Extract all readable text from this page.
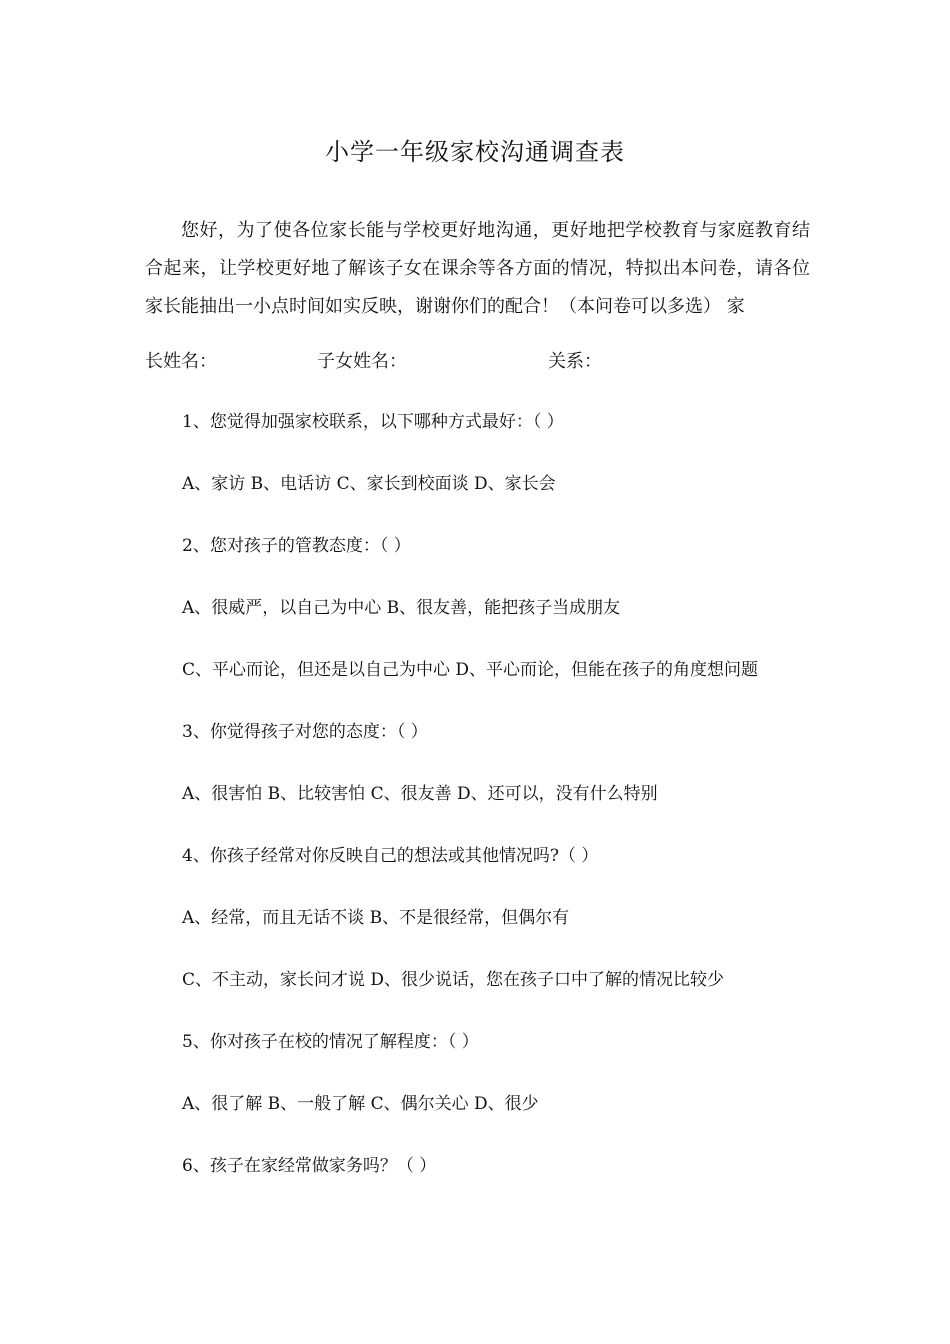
小学一年级家校沟通调查表

您好，为了使各位家长能与学校更好地沟通，更好地把学校教育与家庭教育结合起来，让学校更好地了解该子女在课余等各方面的情况，特拟出本问卷，请各位家长能抽出一小点时间如实反映，谢谢你们的配合！（本问卷可以多选） 家

长姓名：	子女姓名：	关系：

1、您觉得加强家校联系，以下哪种方式最好：（ ）

A、家访 B、电话访 C、家长到校面谈 D、家长会

2、您对孩子的管教态度：（ ）

A、很威严，以自己为中心 B、很友善，能把孩子当成朋友

C、平心而论，但还是以自己为中心 D、平心而论，但能在孩子的角度想问题

3、你觉得孩子对您的态度：（ ）

A、很害怕 B、比较害怕 C、很友善 D、还可以，没有什么特别

4、你孩子经常对你反映自己的想法或其他情况吗?（ ）

A、经常，而且无话不谈 B、不是很经常，但偶尔有

C、不主动，家长问才说 D、很少说话，您在孩子口中了解的情况比较少

5、你对孩子在校的情况了解程度：（ ）

A、很了解 B、一般了解 C、偶尔关心 D、很少

6、孩子在家经常做家务吗？（ ）
